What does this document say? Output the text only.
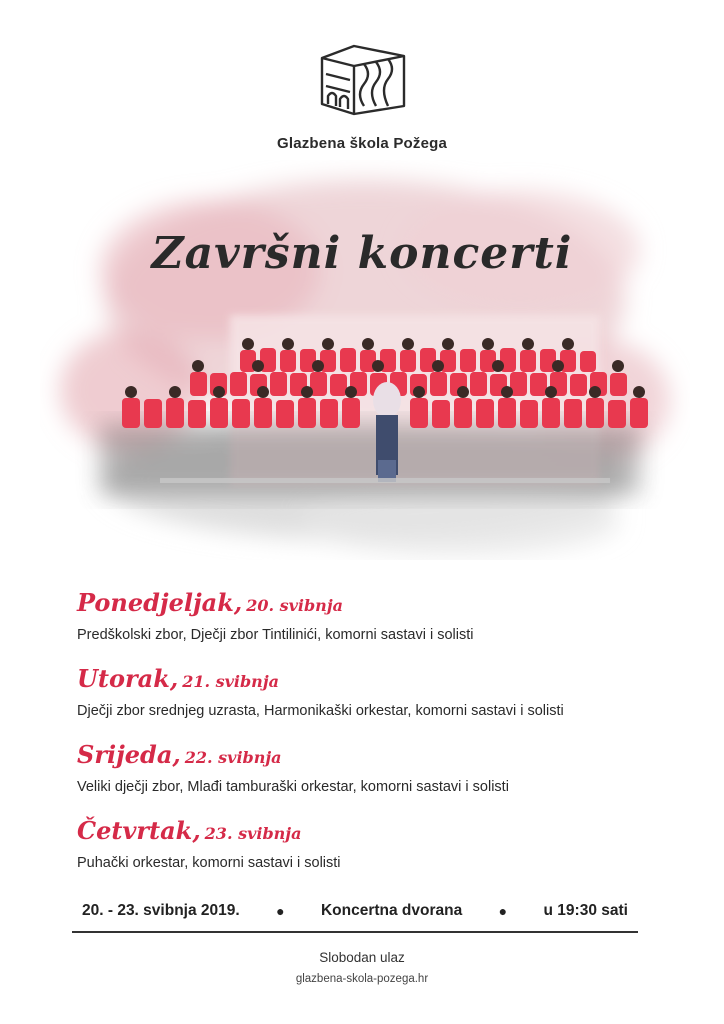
Glazbena škola Požega
Završni koncerti
Ponedjeljak, 20. svibnja
Predškolski zbor, Dječji zbor Tintilinići, komorni sastavi i solisti
Utorak, 21. svibnja
Dječji zbor srednjeg uzrasta, Harmonikaški orkestar, komorni sastavi i solisti
Srijeda, 22. svibnja
Veliki dječji zbor, Mlađi tamburaški orkestar, komorni sastavi i solisti
Četvrtak, 23. svibnja
Puhački orkestar, komorni sastavi i solisti
20. - 23. svibnja 2019.	● Koncertna dvorana	● u 19:30 sati
Slobodan ulaz
glazbena-skola-pozega.hr
